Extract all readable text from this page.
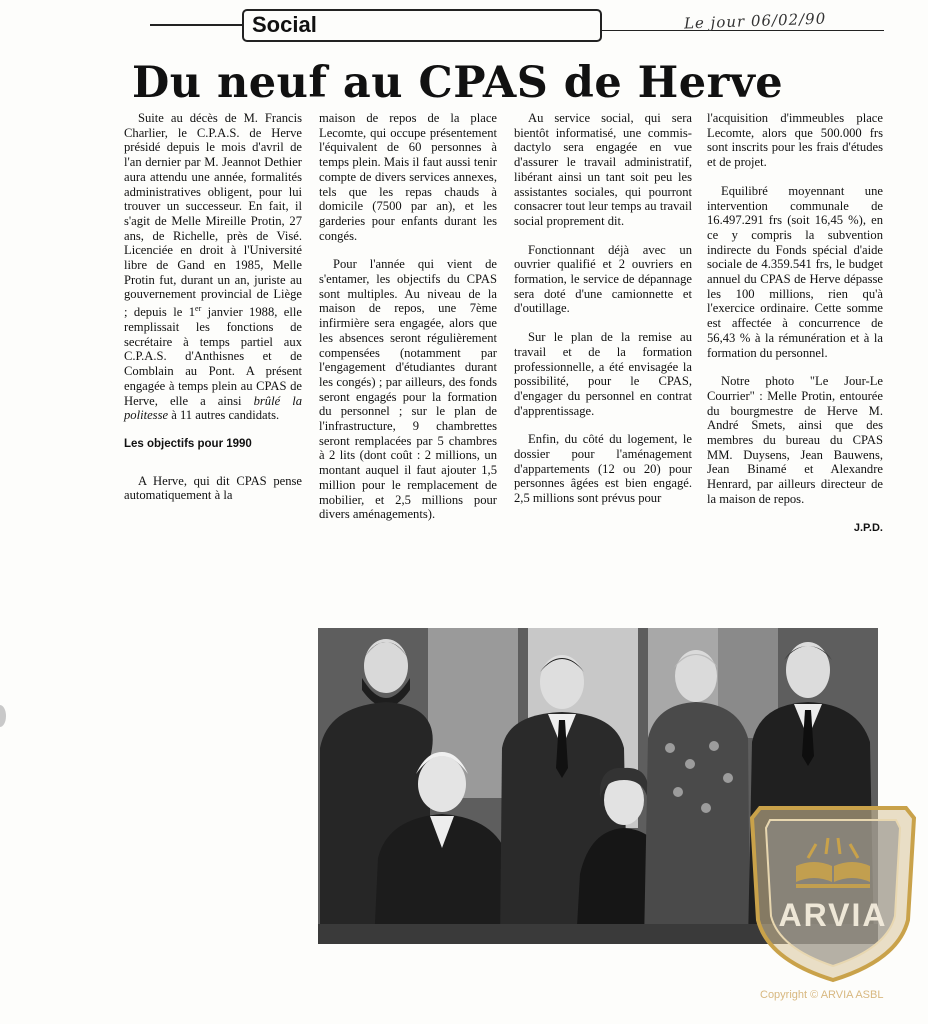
Social	Le jour 06/02/90
Du neuf au CPAS de Herve

Suite au décès de M. Francis Charlier, le C.P.A.S. de Herve présidé depuis le mois d'avril de l'an dernier par M. Jeannot Dethier aura attendu une année, formalités administratives obligent, pour lui trouver un successeur. En fait, il s'agit de Melle Mireille Protin, 27 ans, de Richelle, près de Visé. Licenciée en droit à l'Université libre de Gand en 1985, Melle Protin fut, durant un an, juriste au gouvernement provincial de Liège ; depuis le 1er janvier 1988, elle remplissait les fonctions de secrétaire à temps partiel aux C.P.A.S. d'Anthisnes et de Comblain au Pont. A présent engagée à temps plein au CPAS de Herve, elle a ainsi brûlé la politesse à 11 autres candidats.

Les objectifs pour 1990

A Herve, qui dit CPAS pense automatiquement à la

maison de repos de la place Lecomte, qui occupe présentement l'équivalent de 60 personnes à temps plein. Mais il faut aussi tenir compte de divers services annexes, tels que les repas chauds à domicile (7500 par an), et les garderies pour enfants durant les congés.

Pour l'année qui vient de s'entamer, les objectifs du CPAS sont multiples. Au niveau de la maison de repos, une 7ème infirmière sera engagée, alors que les absences seront régulièrement compensées (notamment par l'engagement d'étudiantes durant les congés) ; par ailleurs, des fonds seront engagés pour la formation du personnel ; sur le plan de l'infrastructure, 9 chambrettes seront remplacées par 5 chambres à 2 lits (dont coût : 2 millions, un montant auquel il faut ajouter 1,5 million pour le remplacement de mobilier, et 2,5 millions pour divers aménagements).

Au service social, qui sera bientôt informatisé, une commis-dactylo sera engagée en vue d'assurer le travail administratif, libérant ainsi un tant soit peu les assistantes sociales, qui pourront consacrer tout leur temps au travail social proprement dit.

Fonctionnant déjà avec un ouvrier qualifié et 2 ouvriers en formation, le service de dépannage sera doté d'une camionnette et d'outillage.

Sur le plan de la remise au travail et de la formation professionnelle, a été envisagée la possibilité, pour le CPAS, d'engager du personnel en contrat d'apprentissage.

Enfin, du côté du logement, le dossier pour l'aménagement d'appartements (12 ou 20) pour personnes âgées est bien engagé. 2,5 millions sont prévus pour

l'acquisition d'immeubles place Lecomte, alors que 500.000 frs sont inscrits pour les frais d'études et de projet.

Equilibré moyennant une intervention communale de 16.497.291 frs (soit 16,45 %), en ce y compris la subvention indirecte du Fonds spécial d'aide sociale de 4.359.541 frs, le budget annuel du CPAS de Herve dépasse les 100 millions, rien qu'à l'exercice ordinaire. Cette somme est affectée à concurrence de 56,43 % à la rémunération et à la formation du personnel.

Notre photo "Le Jour-Le Courrier" : Melle Protin, entourée du bourgmestre de Herve M. André Smets, ainsi que des membres du bureau du CPAS MM. Duysens, Jean Bauwens, Jean Binamé et Alexandre Henrard, par ailleurs directeur de la maison de repos.

J.P.D.

ARVIA
Copyright © ARVIA ASBL
